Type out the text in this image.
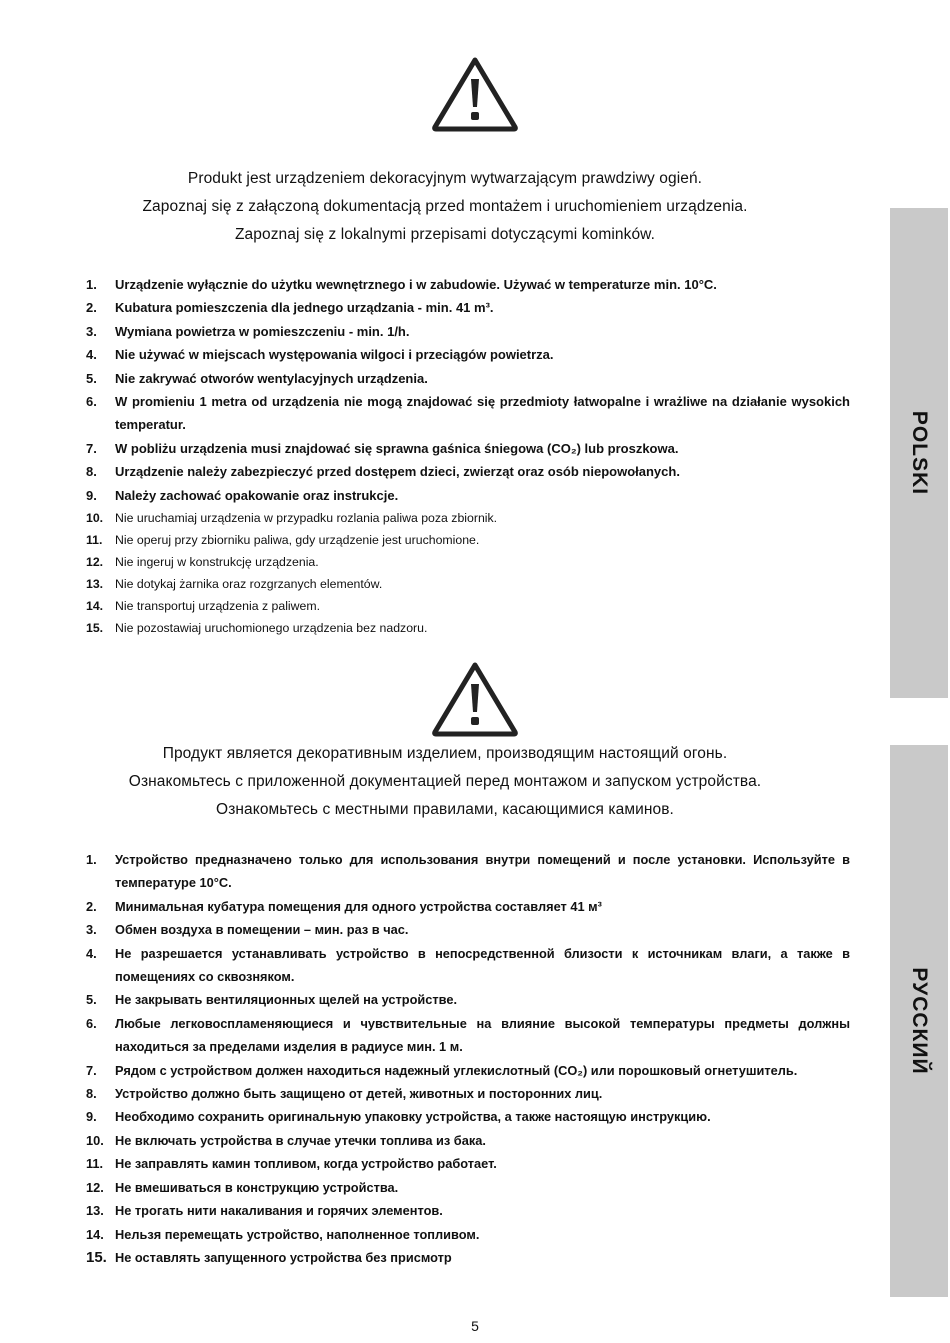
Produkt jest urządzeniem dekoracyjnym wytwarzającym prawdziwy ogień.
Zapoznaj się z załączoną dokumentacją przed montażem i uruchomieniem urządzenia.
Zapoznaj się z lokalnymi przepisami dotyczącymi kominków.
1. Urządzenie wyłącznie do użytku wewnętrznego i w zabudowie. Używać w temperaturze min. 10°C.
2. Kubatura pomieszczenia dla jednego urządzania - min. 41 m³.
3. Wymiana powietrza w pomieszczeniu - min. 1/h.
4. Nie używać w miejscach występowania wilgoci i przeciągów powietrza.
5. Nie zakrywać otworów wentylacyjnych urządzenia.
6. W promieniu 1 metra od urządzenia nie mogą znajdować się przedmioty łatwopalne i wrażliwe na działanie wysokich temperatur.
7. W pobliżu urządzenia musi znajdować się sprawna gaśnica śniegowa (CO₂) lub proszkowa.
8. Urządzenie należy zabezpieczyć przed dostępem dzieci, zwierząt oraz osób niepowołanych.
9. Należy zachować opakowanie oraz instrukcje.
10. Nie uruchamiaj urządzenia w przypadku rozlania paliwa poza zbiornik.
11. Nie operuj przy zbiorniku paliwa, gdy urządzenie jest uruchomione.
12. Nie ingeruj w konstrukcję urządzenia.
13. Nie dotykaj żarnika oraz rozgrzanych elementów.
14. Nie transportuj urządzenia z paliwem.
15. Nie pozostawiaj uruchomionego urządzenia bez nadzoru.
Продукт является декоративным изделием, производящим настоящий огонь.
Ознакомьтесь с приложенной документацией перед монтажом и запуском устройства.
Ознакомьтесь с местными правилами, касающимися каминов.
1. Устройство предназначено только для использования внутри помещений и после установки. Используйте в температуре 10°C.
2. Минимальная кубатура помещения для одного устройства составляет 41 м³
3. Обмен воздуха в помещении – мин. раз в час.
4. Не разрешается устанавливать устройство в непосредственной близости к источникам влаги, а также в помещениях со сквозняком.
5. Не закрывать вентиляционных щелей на устройстве.
6. Любые легковоспламеняющиеся и чувствительные на влияние высокой температуры предметы должны находиться за пределами изделия в радиусе мин. 1 м.
7. Рядом с устройством должен находиться надежный углекислотный (CO₂) или порошковый огнетушитель.
8. Устройство должно быть защищено от детей, животных и посторонних лиц.
9. Необходимо сохранить оригинальную упаковку устройства, а также настоящую инструкцию.
10. Не включать устройства в случае утечки топлива из бака.
11. Не заправлять камин топливом, когда устройство работает.
12. Не вмешиваться в конструкцию устройства.
13. Не трогать нити накаливания и горячих элементов.
14. Нельзя перемещать устройство, наполненное топливом.
15. Не оставлять запущенного устройства без присмотр
POLSKI
РУССКИЙ
5
